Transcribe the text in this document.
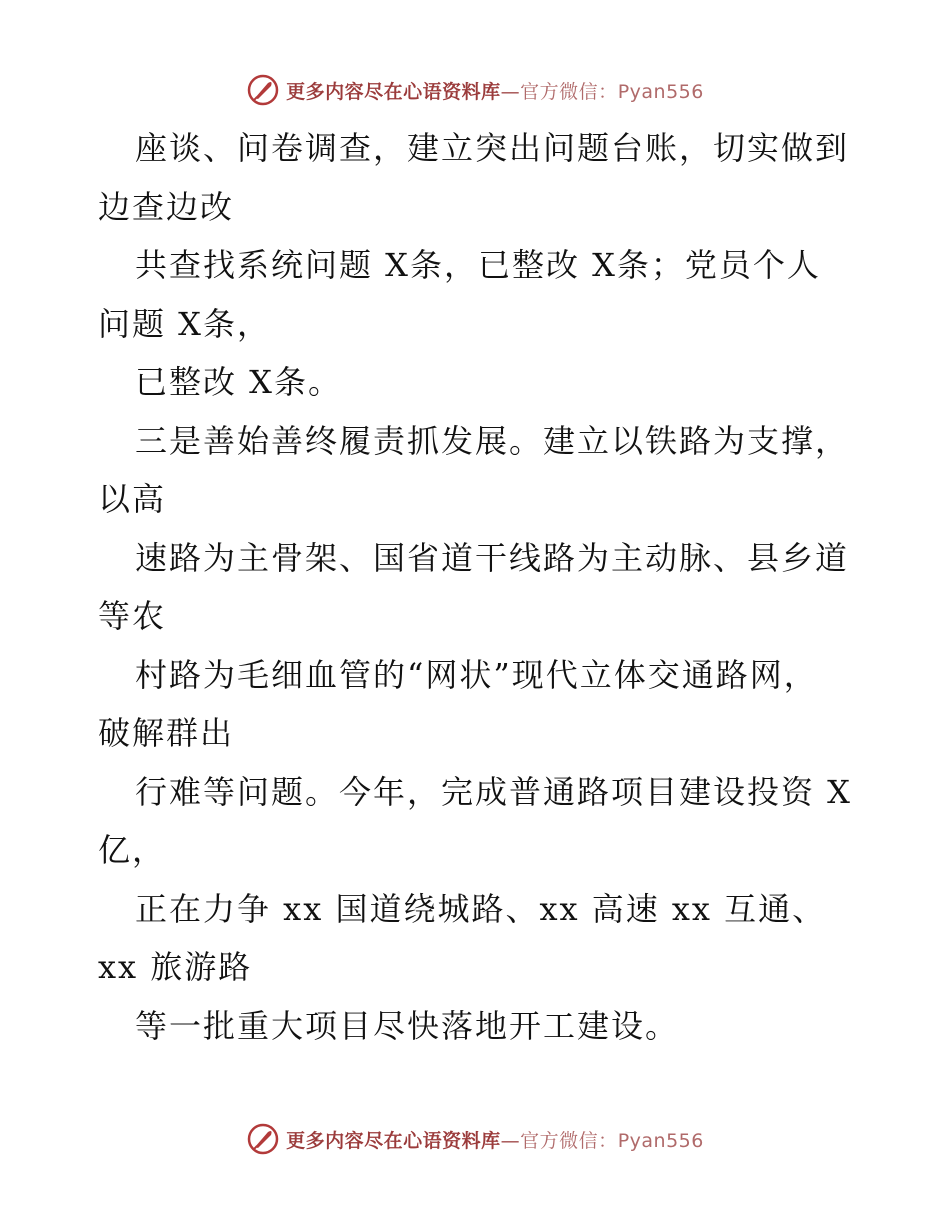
更多内容尽在心语资料库—官方微信：Pyan556
座谈、问卷调查，建立突出问题台账，切实做到
边查边改
共查找系统问题 X条，已整改 X条；党员个人
问题 X条，
已整改 X条。
三是善始善终履责抓发展。建立以铁路为支撑，
以高
速路为主骨架、国省道干线路为主动脉、县乡道
等农
村路为毛细血管的“网状”现代立体交通路网，
破解群出
行难等问题。今年，完成普通路项目建设投资 X
亿，
正在力争 xx 国道绕城路、xx 高速 xx 互通、
xx 旅游路
等一批重大项目尽快落地开工建设。
更多内容尽在心语资料库—官方微信：Pyan556
